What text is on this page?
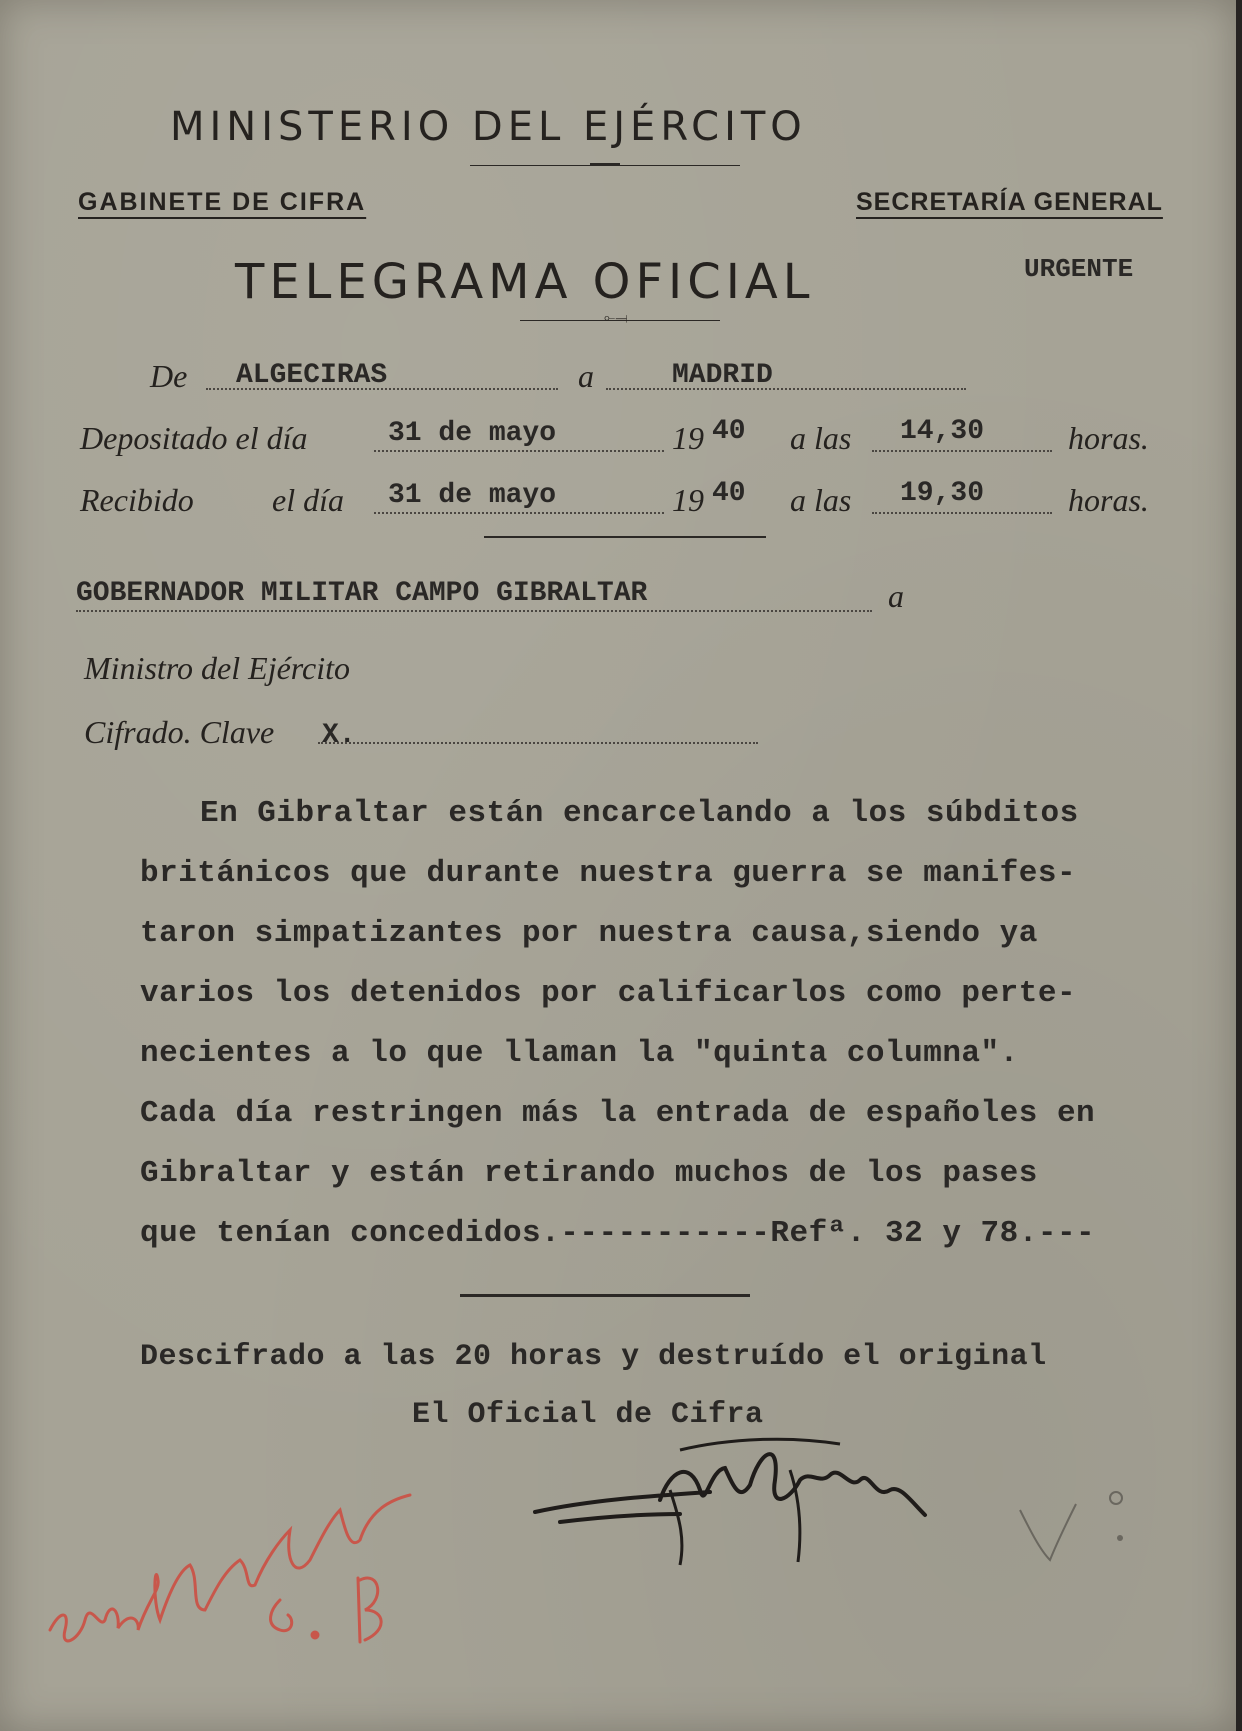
MINISTERIO DEL EJÉRCITO
GABINETE DE CIFRA	SECRETARÍA GENERAL
TELEGRAMA OFICIAL	URGENTE
⟜⟞
De ALGECIRAS	a	MADRID
Depositado el día	31 de mayo	19 40 a las 14,30	horas.
Recibido el día 31 de mayo	19 40 a las 19,30	horas.
GOBERNADOR MILITAR CAMPO GIBRALTAR	a
Ministro del Ejército
Cifrado. Clave X.
En Gibraltar están encarcelando a los súbditos
británicos que durante nuestra guerra se manifes-
taron simpatizantes por nuestra causa,siendo ya
varios los detenidos por calificarlos como perte-
necientes a lo que llaman la "quinta columna".
Cada día restringen más la entrada de españoles en
Gibraltar y están retirando muchos de los pases
que tenían concedidos.-----------Refª. 32 y 78.---
Descifrado a las 20 horas y destruído el original
El Oficial de Cifra
